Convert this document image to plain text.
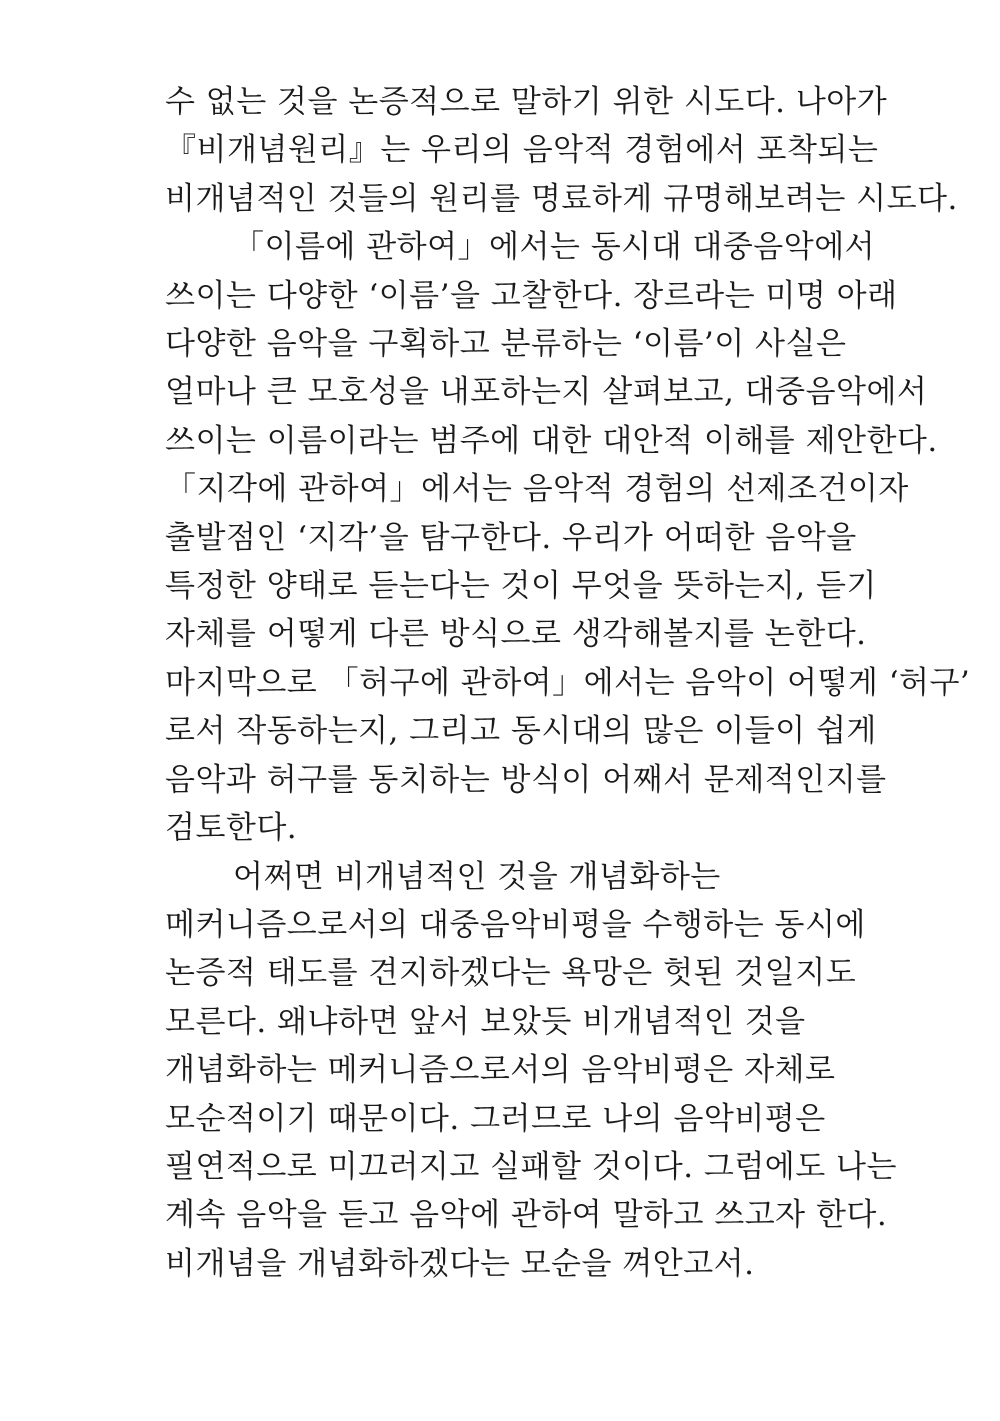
수 없는 것을 논증적으로 말하기 위한 시도다. 나아가
『비개념원리』는 우리의 음악적 경험에서 포착되는
비개념적인 것들의 원리를 명료하게 규명해보려는 시도다.
「이름에 관하여」에서는 동시대 대중음악에서
쓰이는 다양한 ‘이름’을 고찰한다. 장르라는 미명 아래
다양한 음악을 구획하고 분류하는 ‘이름’이 사실은
얼마나 큰 모호성을 내포하는지 살펴보고, 대중음악에서
쓰이는 이름이라는 범주에 대한 대안적 이해를 제안한다.
「지각에 관하여」에서는 음악적 경험의 선제조건이자
출발점인 ‘지각’을 탐구한다. 우리가 어떠한 음악을
특정한 양태로 듣는다는 것이 무엇을 뜻하는지, 듣기
자체를 어떻게 다른 방식으로 생각해볼지를 논한다.
마지막으로 「허구에 관하여」에서는 음악이 어떻게 ‘허구’
로서 작동하는지, 그리고 동시대의 많은 이들이 쉽게
음악과 허구를 동치하는 방식이 어째서 문제적인지를
검토한다.
어쩌면 비개념적인 것을 개념화하는
메커니즘으로서의 대중음악비평을 수행하는 동시에
논증적 태도를 견지하겠다는 욕망은 헛된 것일지도
모른다. 왜냐하면 앞서 보았듯 비개념적인 것을
개념화하는 메커니즘으로서의 음악비평은 자체로
모순적이기 때문이다. 그러므로 나의 음악비평은
필연적으로 미끄러지고 실패할 것이다. 그럼에도 나는
계속 음악을 듣고 음악에 관하여 말하고 쓰고자 한다.
비개념을 개념화하겠다는 모순을 껴안고서.
